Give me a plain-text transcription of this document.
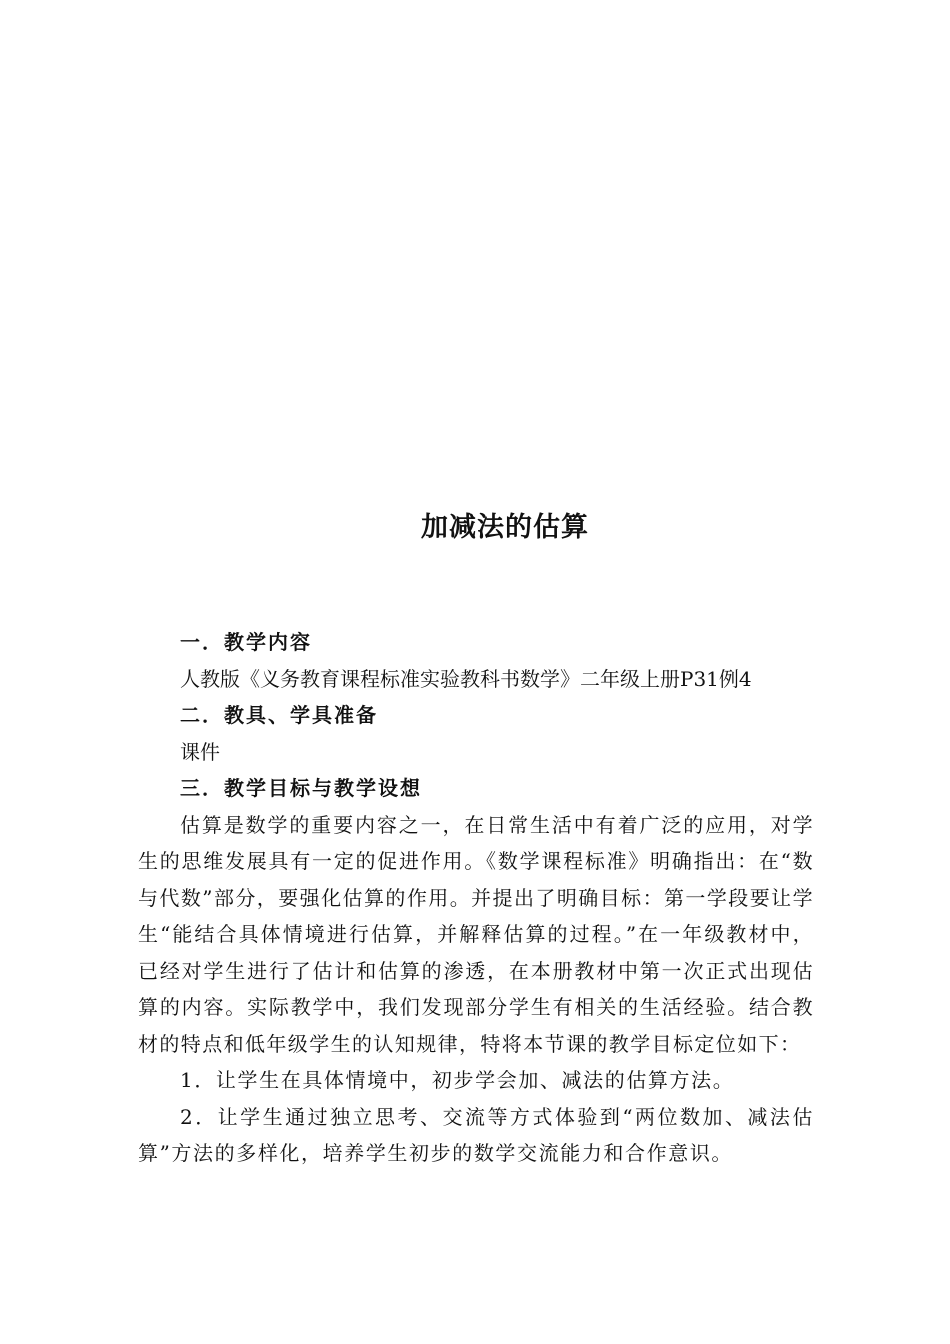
加减法的估算
一．教学内容
人教版《义务教育课程标准实验教科书数学》二年级上册P31例4
二．教具、学具准备
课件
三．教学目标与教学设想
估算是数学的重要内容之一，在日常生活中有着广泛的应用，对学生的思维发展具有一定的促进作用。《数学课程标准》明确指出：在“数与代数”部分，要强化估算的作用。并提出了明确目标：第一学段要让学生“能结合具体情境进行估算，并解释估算的过程。”在一年级教材中，已经对学生进行了估计和估算的渗透，在本册教材中第一次正式出现估算的内容。实际教学中，我们发现部分学生有相关的生活经验。结合教材的特点和低年级学生的认知规律，特将本节课的教学目标定位如下：
1．让学生在具体情境中，初步学会加、减法的估算方法。
2．让学生通过独立思考、交流等方式体验到“两位数加、减法估算”方法的多样化，培养学生初步的数学交流能力和合作意识。
